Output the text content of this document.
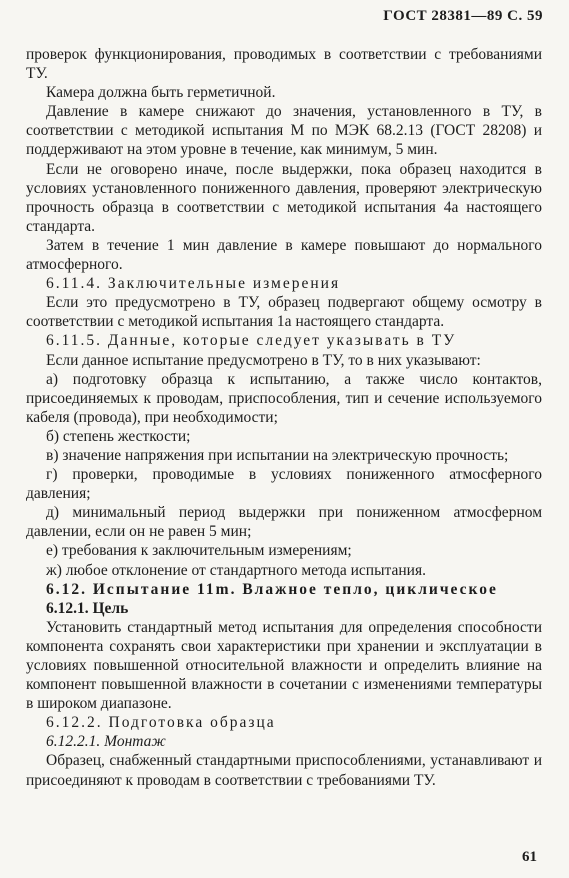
ГОСТ 28381—89 С. 59

проверок функционирования, проводимых в соответствии с требованиями ТУ.

Камера должна быть герметичной.

Давление в камере снижают до значения, установленного в ТУ, в соответствии с методикой испытания М по МЭК 68.2.13 (ГОСТ 28208) и поддерживают на этом уровне в течение, как минимум, 5 мин.

Если не оговорено иначе, после выдержки, пока образец находится в условиях установленного пониженного давления, проверяют электрическую прочность образца в соответствии с методикой испытания 4а настоящего стандарта.

Затем в течение 1 мин давление в камере повышают до нормального атмосферного.

6.11.4. Заключительные измерения

Если это предусмотрено в ТУ, образец подвергают общему осмотру в соответствии с методикой испытания 1а настоящего стандарта.

6.11.5. Данные, которые следует указывать в ТУ

Если данное испытание предусмотрено в ТУ, то в них указывают:

а) подготовку образца к испытанию, а также число контактов, присоединяемых к проводам, приспособления, тип и сечение используемого кабеля (провода), при необходимости;

б) степень жесткости;

в) значение напряжения при испытании на электрическую прочность;

г) проверки, проводимые в условиях пониженного атмосферного давления;

д) минимальный период выдержки при пониженном атмосферном давлении, если он не равен 5 мин;

е) требования к заключительным измерениям;

ж) любое отклонение от стандартного метода испытания.

6.12. Испытание 11m. Влажное тепло, циклическое

6.12.1. Цель

Установить стандартный метод испытания для определения способности компонента сохранять свои характеристики при хранении и эксплуатации в условиях повышенной относительной влажности и определить влияние на компонент повышенной влажности в сочетании с изменениями температуры в широком диапазоне.

6.12.2. Подготовка образца

6.12.2.1. Монтаж

Образец, снабженный стандартными приспособлениями, устанавливают и присоединяют к проводам в соответствии с требованиями ТУ.

61
